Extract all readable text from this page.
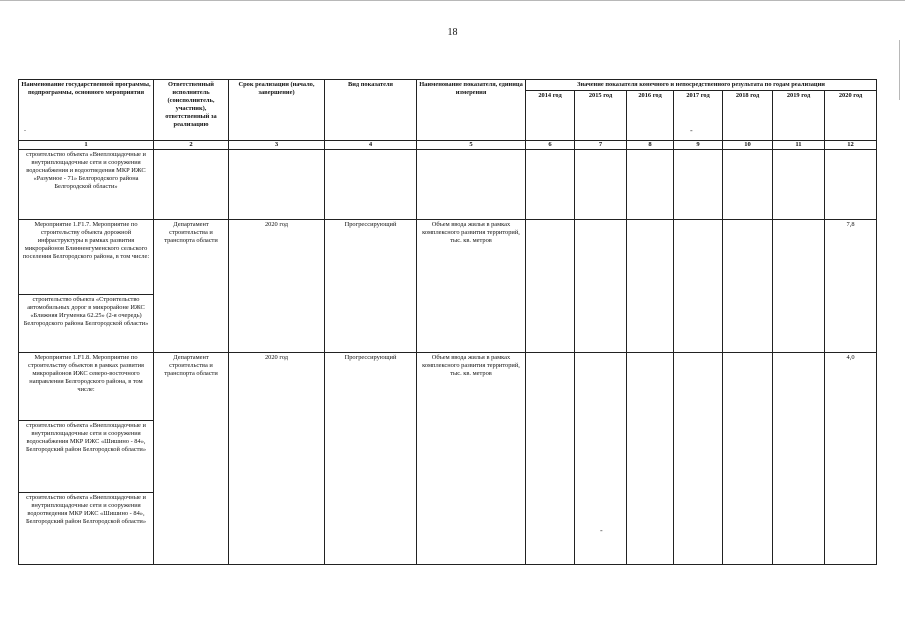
18
Наименование государственной программы, подпрограммы, основного мероприятия	Ответственный исполнитель (соисполнитель, участник), ответственный за реализацию	Срок реализации (начало, завершение)	Вид показателя	Наименование показателя, единица измерения	Значение показателя конечного и непосредственного результата по годам реализации						
					2014 год	2015 год	2016 год	2017 год	2018 год	2019 год	2020 год
1	2	3	4	5	6	7	8	9	10	11	12
строительство объекта «Внеплощадочные и внутриплощадочные сети и сооружения водоснабжения и водоотведения МКР ИЖС «Разумное - 71» Белгородского района Белгородской области»											
Мероприятие 1.F1.7. Мероприятие по строительству объекта дорожной инфраструктуры в рамках развития микрорайонов Блинненгуменского сельского поселения Белгородского района, в том числе:	Департамент строительства и транспорта области	2020 год	Прогрессирующий	Объем ввода жилья в рамках комплексного развития территорий, тыс. кв. метров							7,8
строительство объекта «Строительство автомобильных дорог в микрорайоне ИЖС «Ближняя Игуменка 62.25» (2-я очередь) Белгородского района Белгородской области»											
Мероприятие 1.F1.8. Мероприятие по строительству объектов в рамках развития микрорайонов ИЖС северо-восточного направления Белгородского района, в том числе:	Департамент строительства и транспорта области	2020 год	Прогрессирующий	Объем ввода жилья в рамках комплексного развития территорий, тыс. кв. метров							4,0
строительство объекта «Внеплощадочные и внутриплощадочные сети и сооружения водоснабжения МКР ИЖС «Шишино - 84», Белгородский район Белгородской области»											
строительство объекта «Внеплощадочные и внутриплощадочные сети и сооружения водоотведения МКР ИЖС «Шишино - 84», Белгородский район Белгородской области»											
-
-
.
